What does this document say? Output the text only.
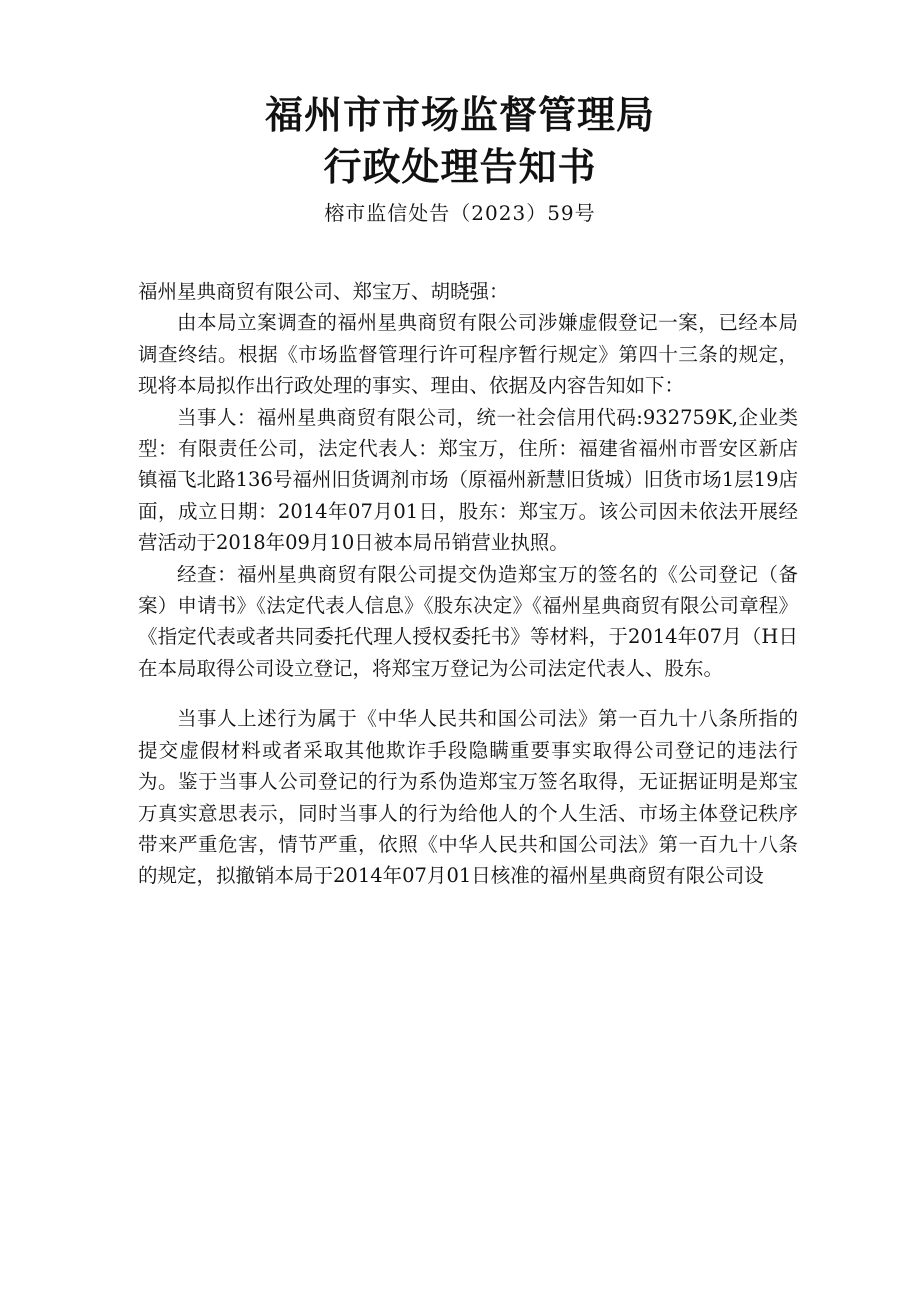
福州市市场监督管理局
行政处理告知书
榕市监信处告（2023）59号

福州星典商贸有限公司、郑宝万、胡晓强：

由本局立案调查的福州星典商贸有限公司涉嫌虚假登记一案，已经本局调查终结。根据《市场监督管理行许可程序暂行规定》第四十三条的规定，现将本局拟作出行政处理的事实、理由、依据及内容告知如下：

当事人：福州星典商贸有限公司，统一社会信用代码:932759K,企业类型：有限责任公司，法定代表人：郑宝万，住所：福建省福州市晋安区新店镇福飞北路136号福州旧货调剂市场（原福州新慧旧货城）旧货市场1层19店面，成立日期：2014年07月01日，股东：郑宝万。该公司因未依法开展经营活动于2018年09月10日被本局吊销营业执照。

经查：福州星典商贸有限公司提交伪造郑宝万的签名的《公司登记（备案）申请书》《法定代表人信息》《股东决定》《福州星典商贸有限公司章程》《指定代表或者共同委托代理人授权委托书》等材料，于2014年07月（H日在本局取得公司设立登记，将郑宝万登记为公司法定代表人、股东。

当事人上述行为属于《中华人民共和国公司法》第一百九十八条所指的提交虚假材料或者采取其他欺诈手段隐瞒重要事实取得公司登记的违法行为。鉴于当事人公司登记的行为系伪造郑宝万签名取得，无证据证明是郑宝万真实意思表示，同时当事人的行为给他人的个人生活、市场主体登记秩序带来严重危害，情节严重，依照《中华人民共和国公司法》第一百九十八条的规定，拟撤销本局于2014年07月01日核准的福州星典商贸有限公司设
